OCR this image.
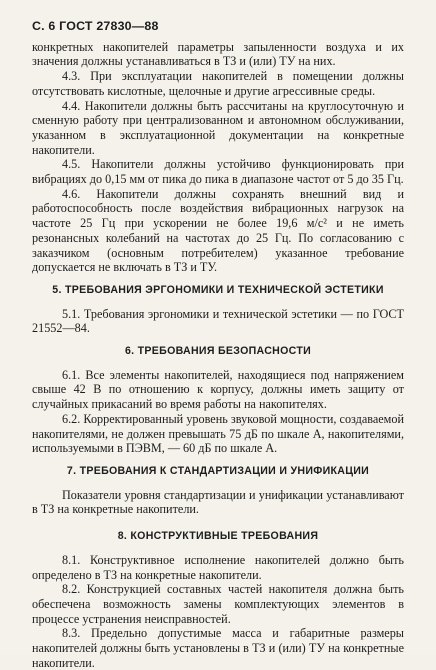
С. 6 ГОСТ 27830—88

конкретных накопителей параметры запыленности воздуха и их значения должны устанавливаться в ТЗ и (или) ТУ на них.

4.3. При эксплуатации накопителей в помещении должны отсутствовать кислотные, щелочные и другие агрессивные среды.

4.4. Накопители должны быть рассчитаны на круглосуточную и сменную работу при централизованном и автономном обслуживании, указанном в эксплуатационной документации на конкретные накопители.

4.5. Накопители должны устойчиво функционировать при вибрациях до 0,15 мм от пика до пика в диапазоне частот от 5 до 35 Гц.

4.6. Накопители должны сохранять внешний вид и работоспособность после воздействия вибрационных нагрузок на частоте 25 Гц при ускорении не более 19,6 м/с² и не иметь резонансных колебаний на частотах до 25 Гц. По согласованию с заказчиком (основным потребителем) указанное требование допускается не включать в ТЗ и ТУ.

5. ТРЕБОВАНИЯ ЭРГОНОМИКИ И ТЕХНИЧЕСКОЙ ЭСТЕТИКИ

5.1. Требования эргономики и технической эстетики — по ГОСТ 21552—84.

6. ТРЕБОВАНИЯ БЕЗОПАСНОСТИ

6.1. Все элементы накопителей, находящиеся под напряжением свыше 42 В по отношению к корпусу, должны иметь защиту от случайных прикасаний во время работы на накопителях.

6.2. Корректированный уровень звуковой мощности, создаваемой накопителями, не должен превышать 75 дБ по шкале А, накопителями, используемыми в ПЭВМ, — 60 дБ по шкале А.

7. ТРЕБОВАНИЯ К СТАНДАРТИЗАЦИИ И УНИФИКАЦИИ

Показатели уровня стандартизации и унификации устанавливают в ТЗ на конкретные накопители.

8. КОНСТРУКТИВНЫЕ ТРЕБОВАНИЯ

8.1. Конструктивное исполнение накопителей должно быть определено в ТЗ на конкретные накопители.

8.2. Конструкцией составных частей накопителя должна быть обеспечена возможность замены комплектующих элементов в процессе устранения неисправностей.

8.3. Предельно допустимые масса и габаритные размеры накопителей должны быть установлены в ТЗ и (или) ТУ на конкретные накопители.
